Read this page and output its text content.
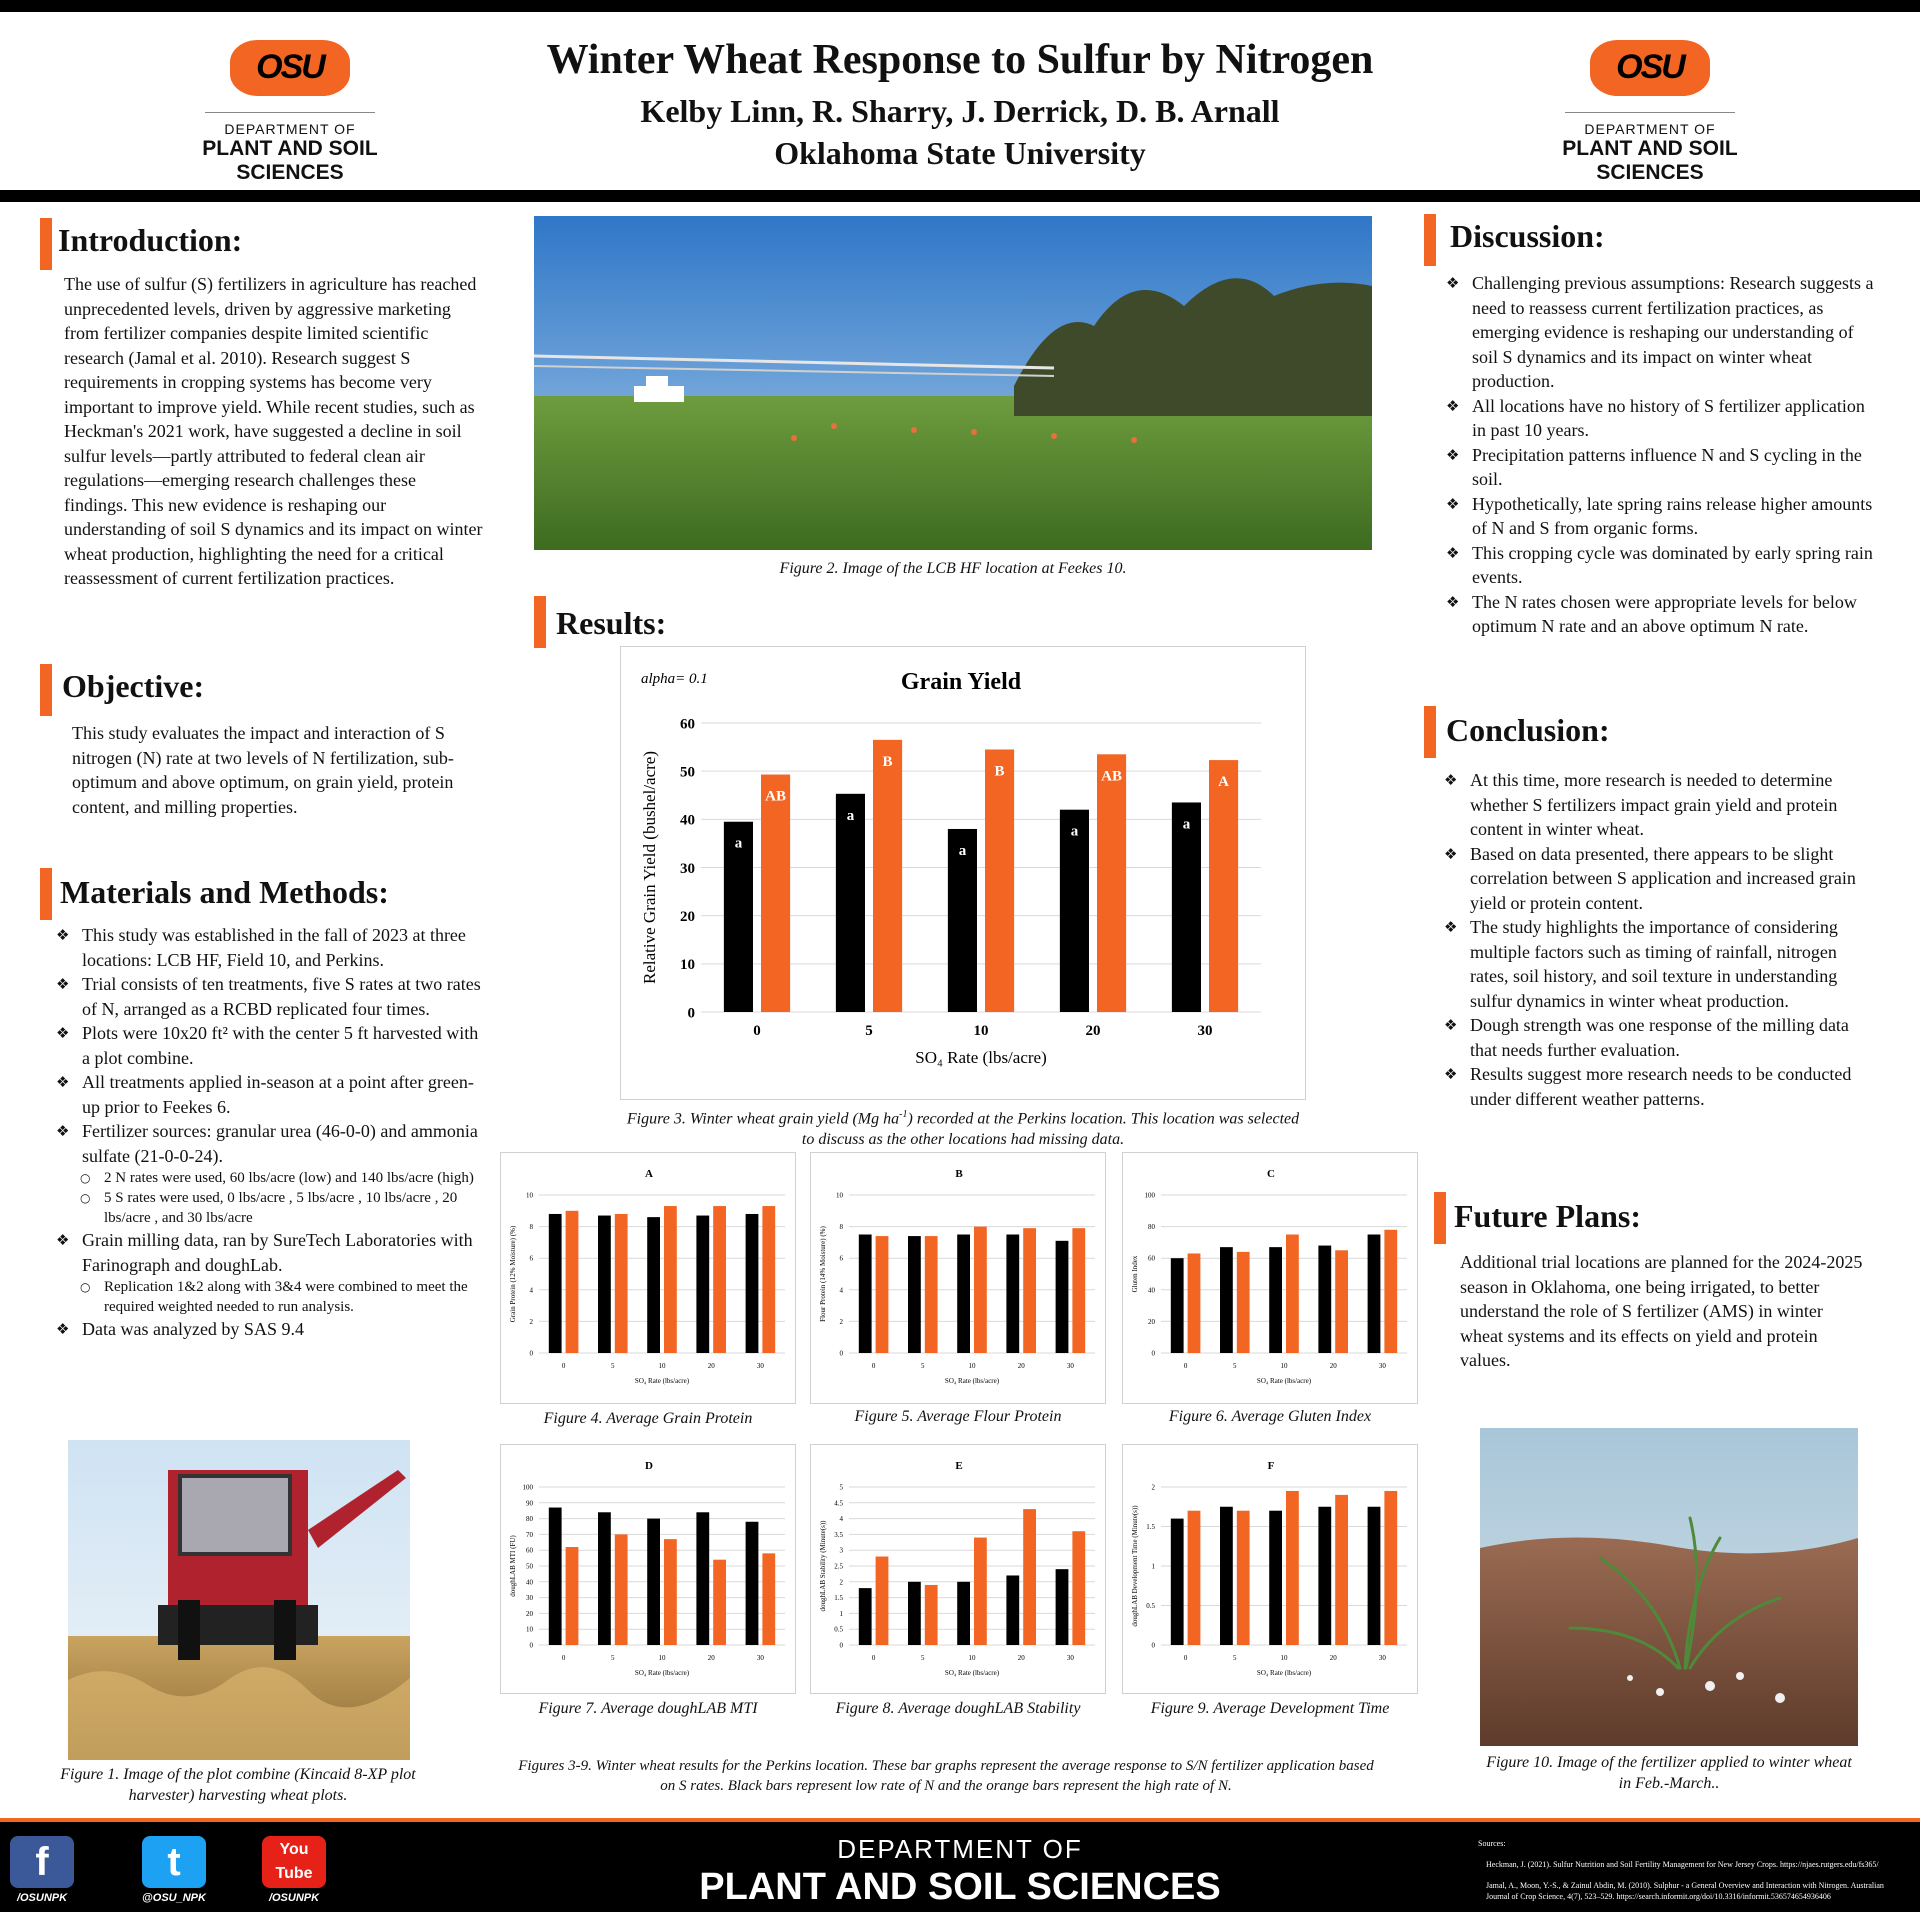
OSU
DEPARTMENT OF
PLANT AND SOIL SCIENCES
Winter Wheat Response to Sulfur by Nitrogen
Kelby Linn, R. Sharry, J. Derrick, D. B. Arnall
Oklahoma State University
OSU
DEPARTMENT OF
PLANT AND SOIL SCIENCES
Introduction:
The use of sulfur (S) fertilizers in agriculture has reached unprecedented levels, driven by aggressive marketing from fertilizer companies despite limited scientific research (Jamal et al. 2010). Research suggest S requirements in cropping systems has become very important to improve yield. While recent studies, such as Heckman's 2021 work, have suggested a decline in soil sulfur levels—partly attributed to federal clean air regulations—emerging research challenges these findings. This new evidence is reshaping our understanding of soil S dynamics and its impact on winter wheat production, highlighting the need for a critical reassessment of current fertilization practices.
Objective:
This study evaluates the impact and interaction of S nitrogen (N) rate at two levels of N fertilization, sub-optimum and above optimum, on grain yield, protein content, and milling properties.
Materials and Methods:
❖ This study was established in the fall of 2023 at three locations: LCB HF, Field 10, and Perkins.
❖ Trial consists of ten treatments, five S rates at two rates of N, arranged as a RCBD replicated four times.
❖ Plots were 10x20 ft² with the center 5 ft harvested with a plot combine.
❖ All treatments applied in-season at a point after green-up prior to Feekes 6.
❖ Fertilizer sources: granular urea (46-0-0) and ammonia sulfate (21-0-0-24).
○ 2 N rates were used, 60 lbs/acre (low) and 140 lbs/acre (high)
○ 5 S rates were used, 0 lbs/acre , 5 lbs/acre , 10 lbs/acre , 20 lbs/acre , and 30 lbs/acre
❖ Grain milling data, ran by SureTech Laboratories with Farinograph and doughLab.
○ Replication 1&2 along with 3&4 were combined to meet the required weighted needed to run analysis.
❖ Data was analyzed by SAS 9.4
Figure 1. Image of the plot combine (Kincaid 8-XP plot harvester) harvesting wheat plots.
Figure 2. Image of the LCB HF location at Feekes 10.
Results:
Grain Yield
alpha= 0.1
0
10
20
30
40
50
60
0
a
AB
5
a
B
10
a
B
20
a
AB
30
a
A
SO₄ Rate (lbs/acre)
Relative Grain Yield (bushel/acre)
Figure 3. Winter wheat grain yield (Mg $ha^{-1}$) recorded at the Perkins location. This location was selected to discuss as the other locations had missing data.
A
0
2
4
6
8
10
0	5	10	20	30
SO₄ Rate (lbs/acre)
Grain Protein (12% Moisture) (%)
B
0
2
4
6
8
10
0	5	10	20	30
SO₄ Rate (lbs/acre)
Flour Protein (14% Moisture) (%)
C
0
20
40
60
80
100
0	5	10	20	30
SO₄ Rate (lbs/acre)
Gluten Index
Figure 4. Average Grain Protein	Figure 5. Average Flour Protein	Figure 6. Average Gluten Index
D
0
10
20
30
40
50
60
70
80
90
100
0	5	10	20	30
SO₄ Rate (lbs/acre)
doughLAB MTI (FU)
E
0
0.5
1
1.5
2
2.5
3
3.5
4
4.5
5
0	5	10	20	30
SO₄ Rate (lbs/acre)
doughLAB Stability (Minute(s))
F
0
0.5
1
1.5
2
0	5	10	20	30
SO₄ Rate (lbs/acre)
doughLAB Development Time (Minute(s))
Figure 7. Average doughLAB MTI	Figure 8. Average doughLAB Stability	Figure 9. Average Development Time
Figures 3-9. Winter wheat results for the Perkins location. These bar graphs represent the average response to S/N fertilizer application based on S rates. Black bars represent low rate of N and the orange bars represent the high rate of N.
Discussion:
❖ Challenging previous assumptions: Research suggests a need to reassess current fertilization practices, as emerging evidence is reshaping our understanding of soil S dynamics and its impact on winter wheat production.
❖ All locations have no history of S fertilizer application in past 10 years.
❖ Precipitation patterns influence N and S cycling in the soil.
❖ Hypothetically, late spring rains release higher amounts of N and S from organic forms.
❖ This cropping cycle was dominated by early spring rain events.
❖ The N rates chosen were appropriate levels for below optimum N rate and an above optimum N rate.
Conclusion:
❖ At this time, more research is needed to determine whether S fertilizers impact grain yield and protein content in winter wheat.
❖ Based on data presented, there appears to be slight correlation between S application and increased grain yield or protein content.
❖ The study highlights the importance of considering multiple factors such as timing of rainfall, nitrogen rates, soil history, and soil texture in understanding sulfur dynamics in winter wheat production.
❖ Dough strength was one response of the milling data that needs further evaluation.
❖ Results suggest more research needs to be conducted under different weather patterns.
Future Plans:
Additional trial locations are planned for the 2024-2025 season in Oklahoma, one being irrigated, to better understand the role of S fertilizer (AMS) in winter wheat systems and its effects on yield and protein values.
Figure 10. Image of the fertilizer applied to winter wheat in Feb.-March..
f
/OSUNPK
t
@OSU_NPK
You Tube
/OSUNPK
DEPARTMENT OF
PLANT AND SOIL SCIENCES
Sources:
Heckman, J. (2021). Sulfur Nutrition and Soil Fertility Management for New Jersey Crops. https://njaes.rutgers.edu/fs365/
Jamal, A., Moon, Y.-S., & Zainul Abdin, M. (2010). Sulphur - a General Overview and Interaction with Nitrogen. Australian Journal of Crop Science, 4(7), 523–529. https://search.informit.org/doi/10.3316/informit.536574654936406
